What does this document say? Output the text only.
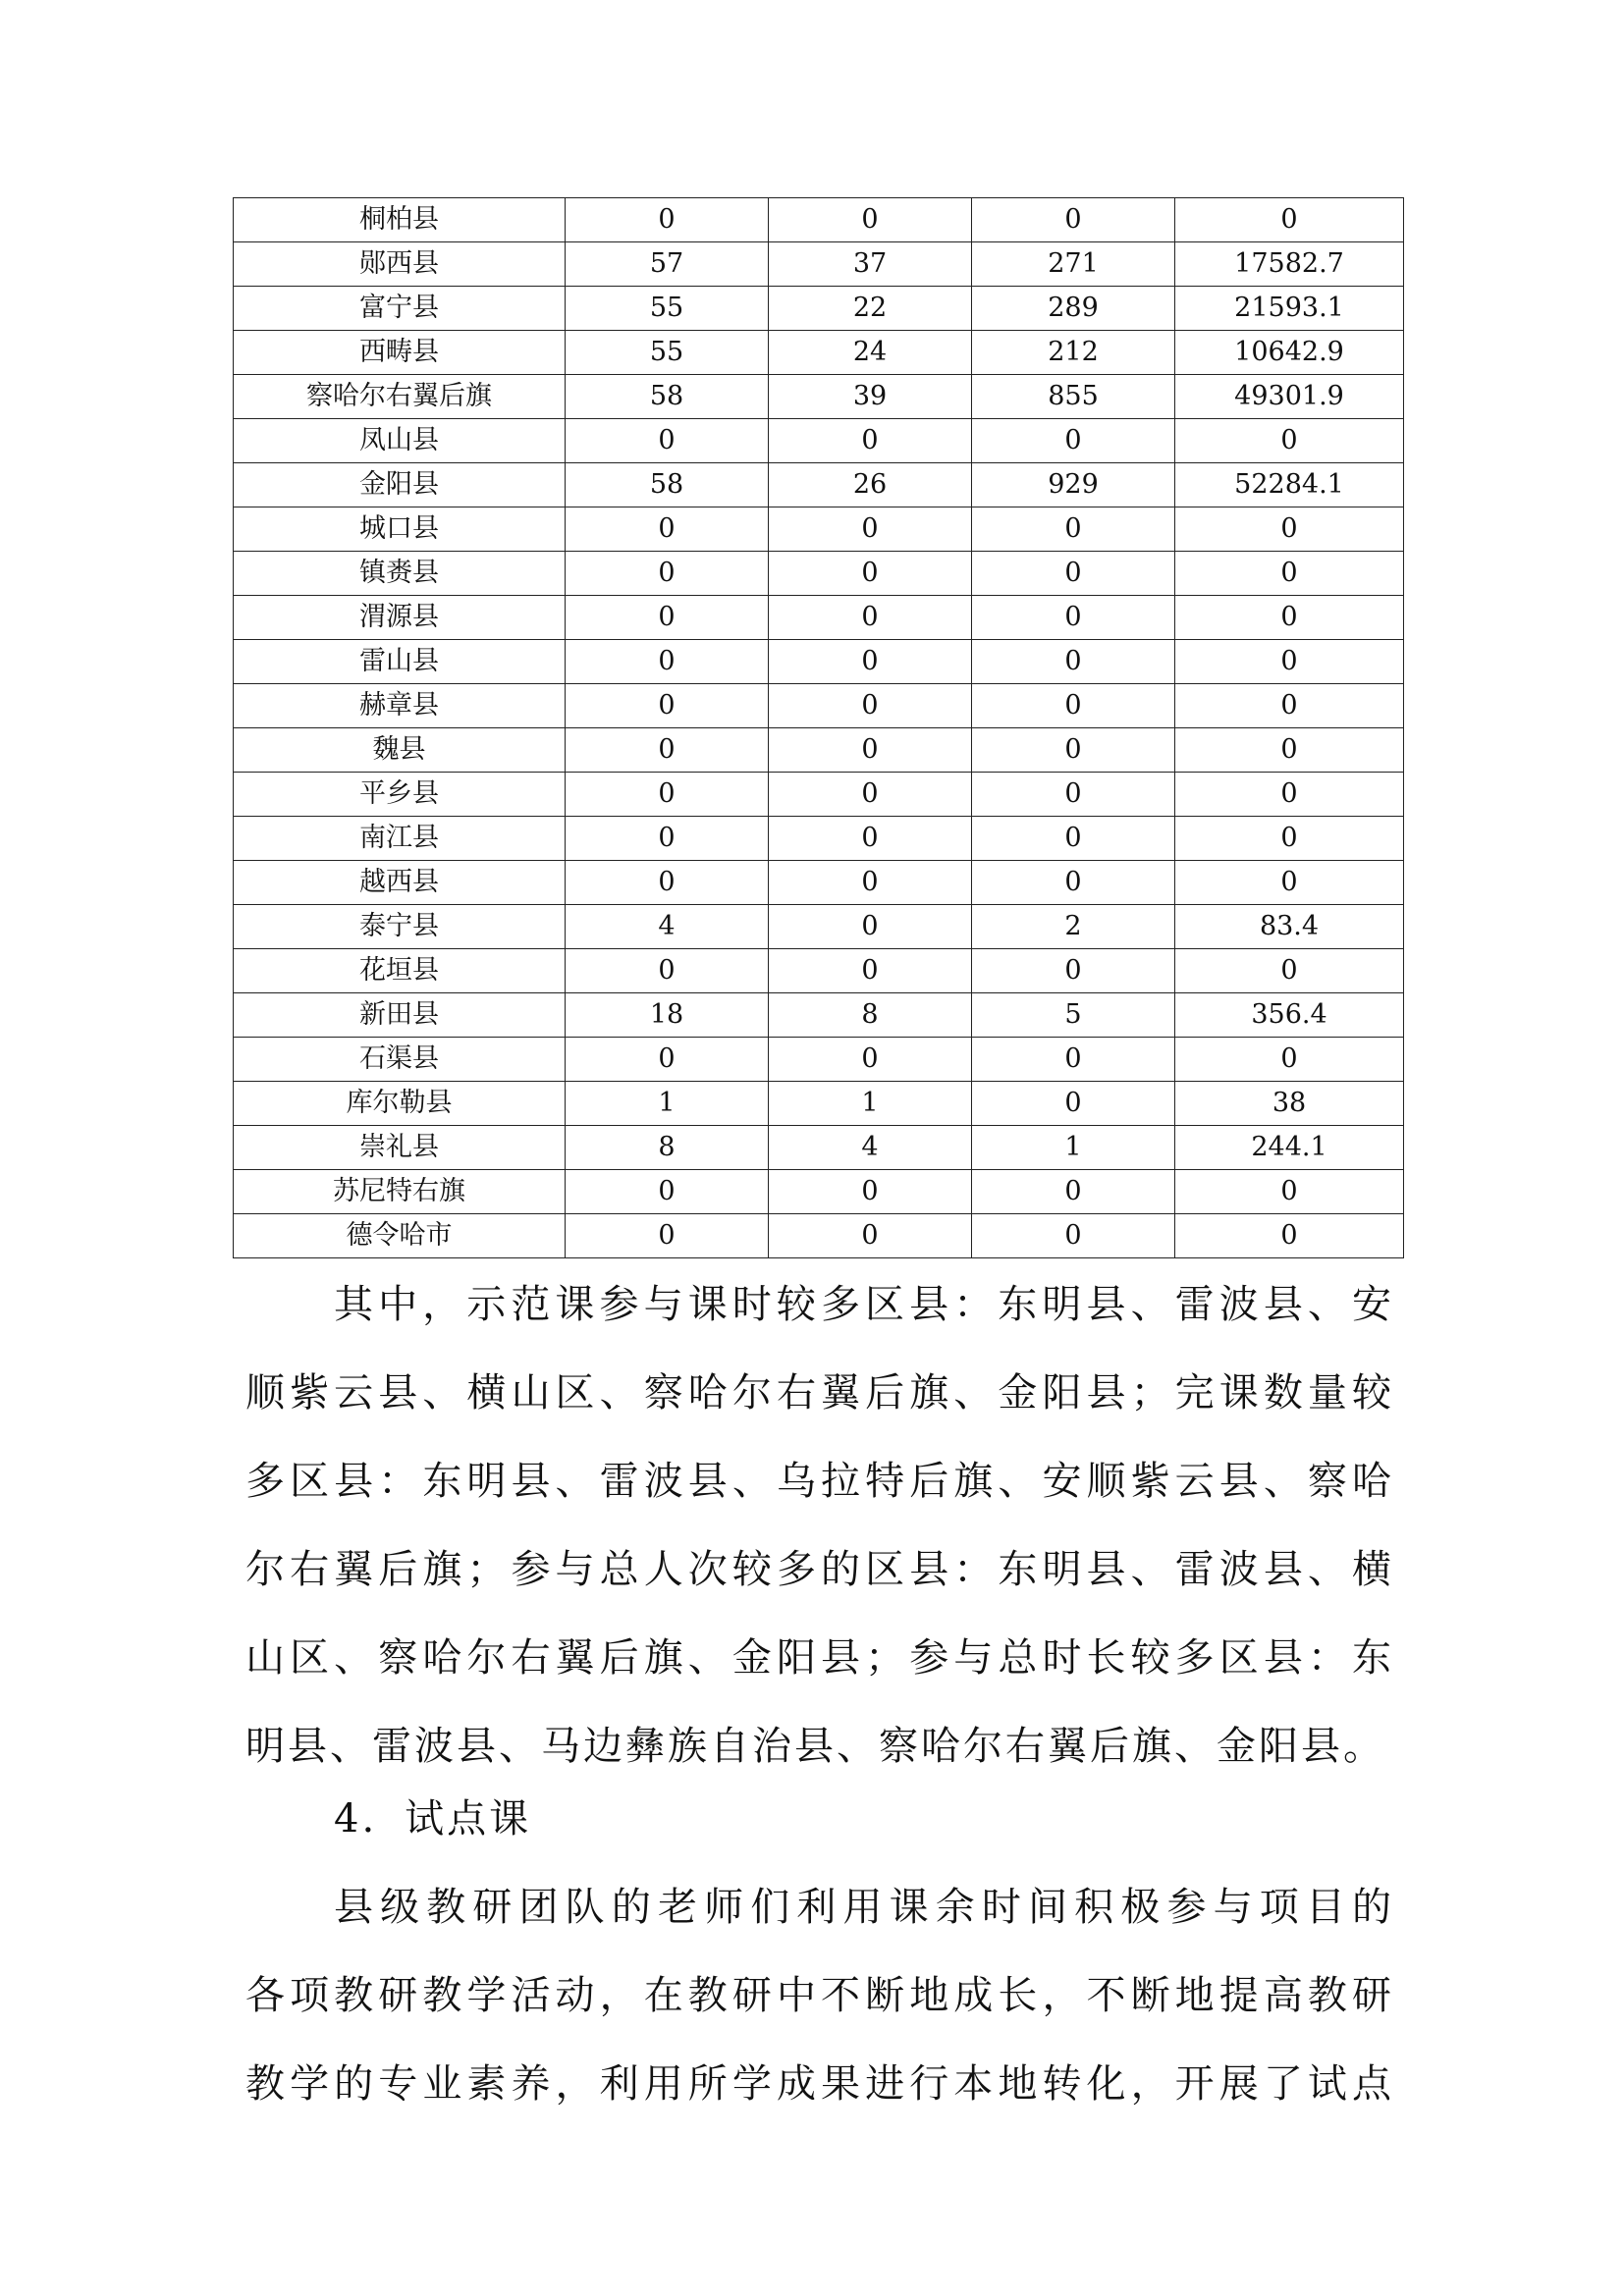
桐柏县	0	0	0	0
郧西县	57	37	271	17582.7
富宁县	55	22	289	21593.1
西畴县	55	24	212	10642.9
察哈尔右翼后旗	58	39	855	49301.9
凤山县	0	0	0	0
金阳县	58	26	929	52284.1
城口县	0	0	0	0
镇赉县	0	0	0	0
渭源县	0	0	0	0
雷山县	0	0	0	0
赫章县	0	0	0	0
魏县	0	0	0	0
平乡县	0	0	0	0
南江县	0	0	0	0
越西县	0	0	0	0
泰宁县	4	0	2	83.4
花垣县	0	0	0	0
新田县	18	8	5	356.4
石渠县	0	0	0	0
库尔勒县	1	1	0	38
崇礼县	8	4	1	244.1
苏尼特右旗	0	0	0	0
德令哈市	0	0	0	0
其中，示范课参与课时较多区县：东明县、雷波县、安
顺紫云县、横山区、察哈尔右翼后旗、金阳县；完课数量较
多区县：东明县、雷波县、乌拉特后旗、安顺紫云县、察哈
尔右翼后旗；参与总人次较多的区县：东明县、雷波县、横
山区、察哈尔右翼后旗、金阳县；参与总时长较多区县：东
明县、雷波县、马边彝族自治县、察哈尔右翼后旗、金阳县。
4. 试点课
县级教研团队的老师们利用课余时间积极参与项目的
各项教研教学活动，在教研中不断地成长，不断地提高教研
教学的专业素养，利用所学成果进行本地转化，开展了试点
